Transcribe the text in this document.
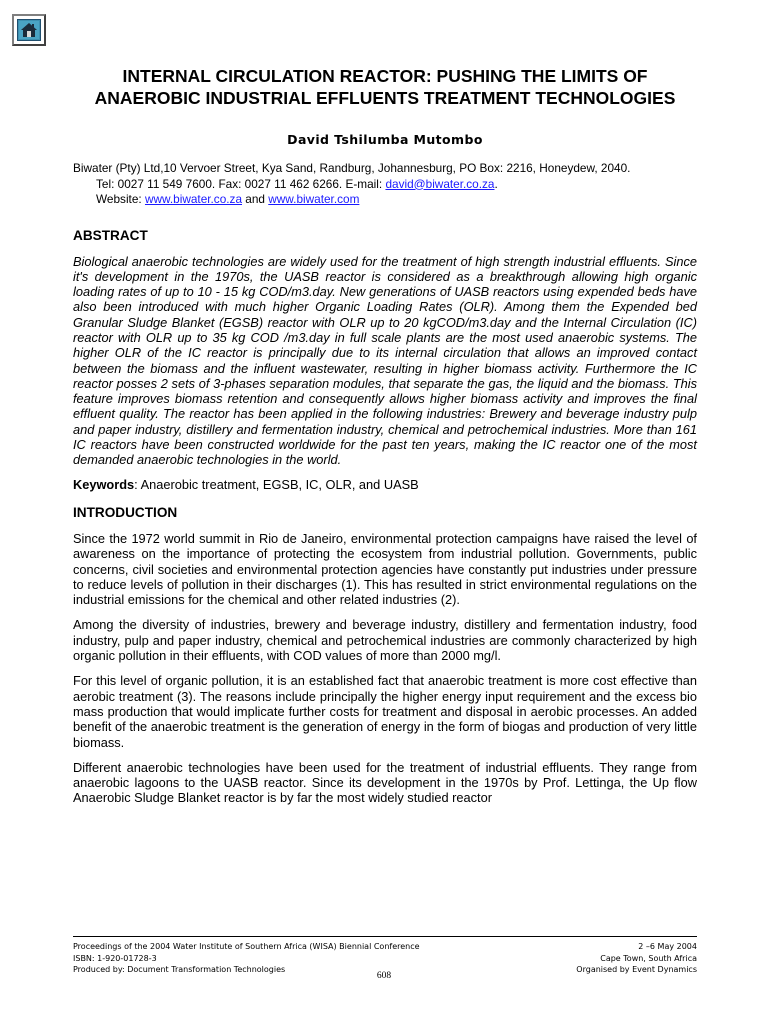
INTERNAL CIRCULATION REACTOR: PUSHING THE LIMITS OF ANAEROBIC INDUSTRIAL EFFLUENTS TREATMENT TECHNOLOGIES
David Tshilumba Mutombo

Biwater (Pty) Ltd,10 Vervoer Street, Kya Sand, Randburg, Johannesburg, PO Box: 2216, Honeydew, 2040.
Tel: 0027 11 549 7600. Fax: 0027 11 462 6266. E-mail: david@biwater.co.za.
Website: www.biwater.co.za and www.biwater.com

ABSTRACT

Biological anaerobic technologies are widely used for the treatment of high strength industrial effluents. Since it's development in the 1970s, the UASB reactor is considered as a breakthrough allowing high organic loading rates of up to 10 - 15 kg COD/m3.day. New generations of UASB reactors using expended beds have also been introduced with much higher Organic Loading Rates (OLR). Among them the Expended bed Granular Sludge Blanket (EGSB) reactor with OLR up to 20 kgCOD/m3.day and the Internal Circulation (IC) reactor with OLR up to 35 kg COD /m3.day in full scale plants are the most used anaerobic systems. The higher OLR of the IC reactor is principally due to its internal circulation that allows an improved contact between the biomass and the influent wastewater, resulting in higher biomass activity. Furthermore the IC reactor posses 2 sets of 3-phases separation modules, that separate the gas, the liquid and the biomass. This feature improves biomass retention and consequently allows higher biomass activity and improves the final effluent quality. The reactor has been applied in the following industries: Brewery and beverage industry pulp and paper industry, distillery and fermentation industry, chemical and petrochemical industries. More than 161 IC reactors have been constructed worldwide for the past ten years, making the IC reactor one of the most demanded anaerobic technologies in the world.

Keywords: Anaerobic treatment, EGSB, IC, OLR, and UASB

INTRODUCTION

Since the 1972 world summit in Rio de Janeiro, environmental protection campaigns have raised the level of awareness on the importance of protecting the ecosystem from industrial pollution. Governments, public concerns, civil societies and environmental protection agencies have constantly put industries under pressure to reduce levels of pollution in their discharges (1). This has resulted in strict environmental regulations on the industrial emissions for the chemical and other related industries (2).

Among the diversity of industries, brewery and beverage industry, distillery and fermentation industry, food industry, pulp and paper industry, chemical and petrochemical industries are commonly characterized by high organic pollution in their effluents, with COD values of more than 2000 mg/l.

For this level of organic pollution, it is an established fact that anaerobic treatment is more cost effective than aerobic treatment (3). The reasons include principally the higher energy input requirement and the excess bio mass production that would implicate further costs for treatment and disposal in aerobic processes. An added benefit of the anaerobic treatment is the generation of energy in the form of biogas and production of very little biomass.

Different anaerobic technologies have been used for the treatment of industrial effluents. They range from anaerobic lagoons to the UASB reactor. Since its development in the 1970s by Prof. Lettinga, the Up flow Anaerobic Sludge Blanket reactor is by far the most widely studied reactor

Proceedings of the 2004 Water Institute of Southern Africa (WISA) Biennial Conference	2 –6 May 2004
ISBN: 1-920-01728-3	Cape Town, South Africa
Produced by: Document Transformation Technologies	Organised by Event Dynamics
608
